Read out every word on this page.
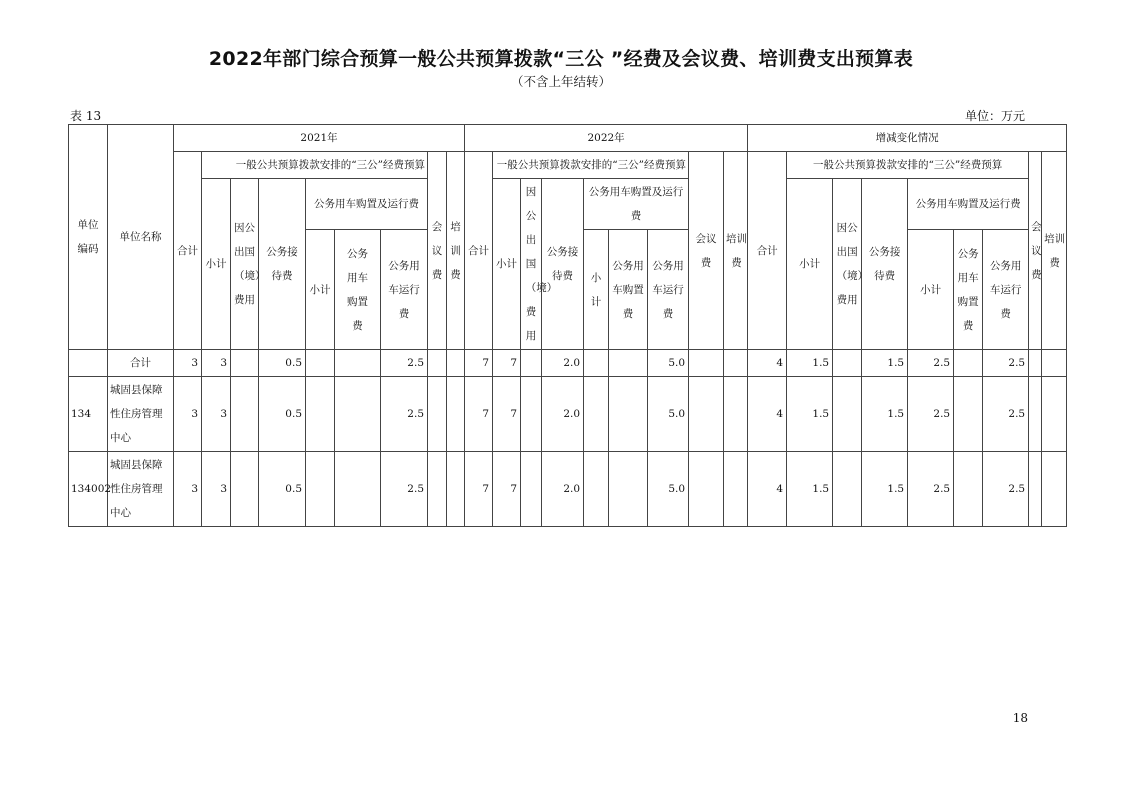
2022年部门综合预算一般公共预算拨款“三公 ”经费及会议费、培训费支出预算表
（不含上年结转）
表 13	单位：万元
单位编码	单位名称	2021年									2022年									增减变化情况								
		合计	一般公共预算拨款安排的“三公”经费预算						会议费	培训费	合计	一般公共预算拨款安排的“三公”经费预算						会议费	培训费	合计	一般公共预算拨款安排的“三公”经费预算						会议费	培训费

			小计	因公出国（境）费用	公务接待费	公务用车购置及运行费						小计	因公出国（境）费用	公务接待费	公务用车购置及运行费						小计	因公出国（境）费用	公务接待费	公务用车购置及运行费				
						小计	公务用车购置费	公务用车运行费							小计	公务用车购置费	公务用车运行费							小计	公务用车购置费	公务用车运行费		

	合计	3	3		0.5			2.5			7	7		2.0			5.0			4	1.5		1.5	2.5		2.5		
134	城固县保障性住房管理中心	3	3		0.5			2.5			7	7		2.0			5.0			4	1.5		1.5	2.5		2.5		
134002	城固县保障性住房管理中心	3	3		0.5			2.5			7	7		2.0			5.0			4	1.5		1.5	2.5		2.5		
18
